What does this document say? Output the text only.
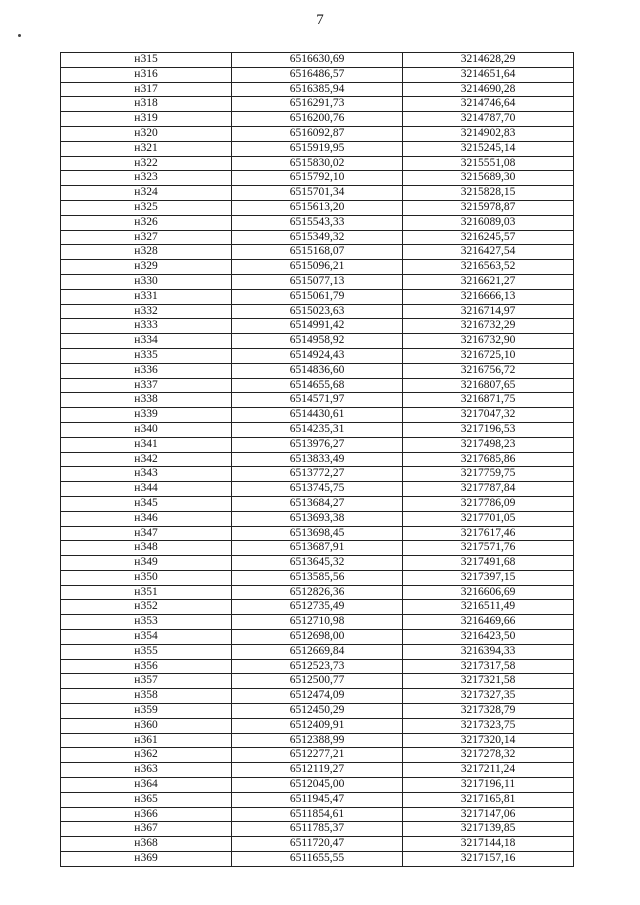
7
н315	6516630,69	3214628,29
н316	6516486,57	3214651,64
н317	6516385,94	3214690,28
н318	6516291,73	3214746,64
н319	6516200,76	3214787,70
н320	6516092,87	3214902,83
н321	6515919,95	3215245,14
н322	6515830,02	3215551,08
н323	6515792,10	3215689,30
н324	6515701,34	3215828,15
н325	6515613,20	3215978,87
н326	6515543,33	3216089,03
н327	6515349,32	3216245,57
н328	6515168,07	3216427,54
н329	6515096,21	3216563,52
н330	6515077,13	3216621,27
н331	6515061,79	3216666,13
н332	6515023,63	3216714,97
н333	6514991,42	3216732,29
н334	6514958,92	3216732,90
н335	6514924,43	3216725,10
н336	6514836,60	3216756,72
н337	6514655,68	3216807,65
н338	6514571,97	3216871,75
н339	6514430,61	3217047,32
н340	6514235,31	3217196,53
н341	6513976,27	3217498,23
н342	6513833,49	3217685,86
н343	6513772,27	3217759,75
н344	6513745,75	3217787,84
н345	6513684,27	3217786,09
н346	6513693,38	3217701,05
н347	6513698,45	3217617,46
н348	6513687,91	3217571,76
н349	6513645,32	3217491,68
н350	6513585,56	3217397,15
н351	6512826,36	3216606,69
н352	6512735,49	3216511,49
н353	6512710,98	3216469,66
н354	6512698,00	3216423,50
н355	6512669,84	3216394,33
н356	6512523,73	3217317,58
н357	6512500,77	3217321,58
н358	6512474,09	3217327,35
н359	6512450,29	3217328,79
н360	6512409,91	3217323,75
н361	6512388,99	3217320,14
н362	6512277,21	3217278,32
н363	6512119,27	3217211,24
н364	6512045,00	3217196,11
н365	6511945,47	3217165,81
н366	6511854,61	3217147,06
н367	6511785,37	3217139,85
н368	6511720,47	3217144,18
н369	6511655,55	3217157,16
